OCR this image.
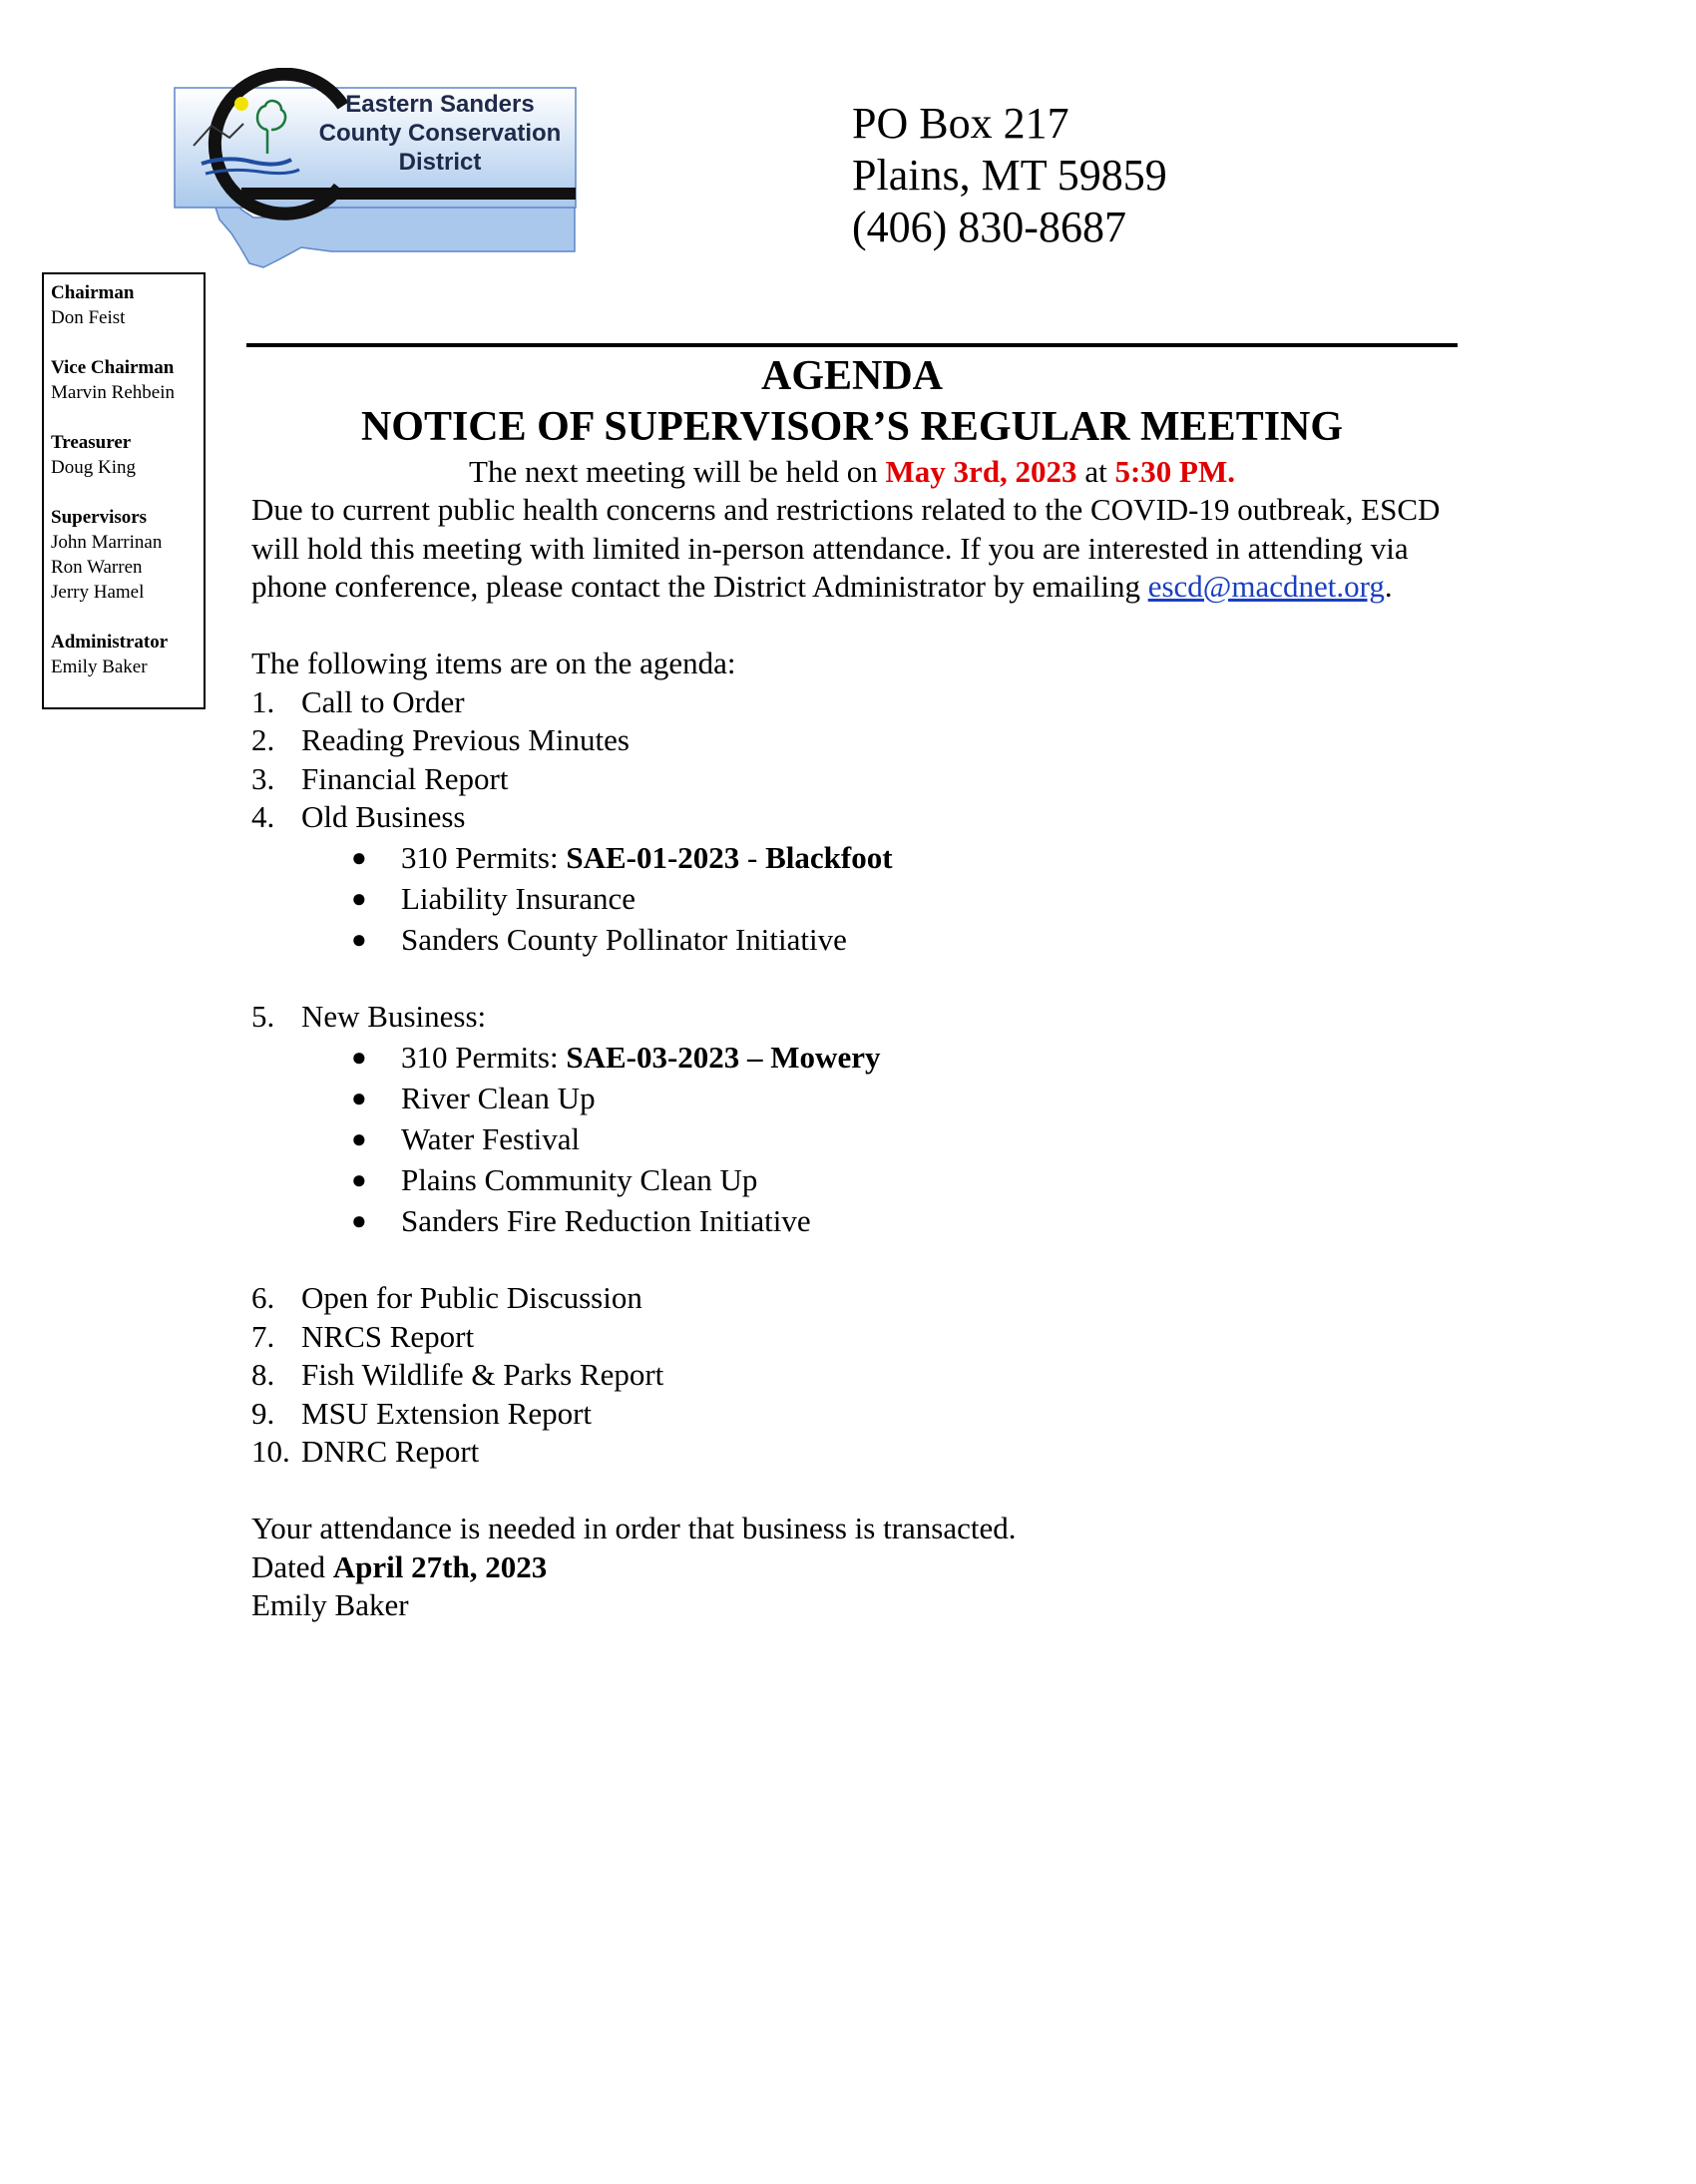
Eastern Sanders
County Conservation
District
PO Box 217
Plains, MT 59859
(406) 830-8687
Chairman
Don Feist
Vice Chairman
Marvin Rehbein
Treasurer
Doug King
Supervisors
John Marrinan
Ron Warren
Jerry Hamel
Administrator
Emily Baker
AGENDA
NOTICE OF SUPERVISOR’S REGULAR MEETING
The next meeting will be held on May 3rd, 2023 at 5:30 PM.

Due to current public health concerns and restrictions related to the COVID-19 outbreak, ESCD will hold this meeting with limited in-person attendance. If you are interested in attending via phone conference, please contact the District Administrator by emailing escd@macdnet.org.

The following items are on the agenda:
1. Call to Order
2. Reading Previous Minutes
3. Financial Report
4. Old Business
●	310 Permits: SAE-01-2023 - Blackfoot
●	Liability Insurance
●	Sanders County Pollinator Initiative
5. New Business:
●	310 Permits: SAE-03-2023 – Mowery
●	River Clean Up
●	Water Festival
●	Plains Community Clean Up
●	Sanders Fire Reduction Initiative
6. Open for Public Discussion
7. NRCS Report
8. Fish Wildlife & Parks Report
9. MSU Extension Report
10. DNRC Report
Your attendance is needed in order that business is transacted.
Dated April 27th, 2023
Emily Baker
